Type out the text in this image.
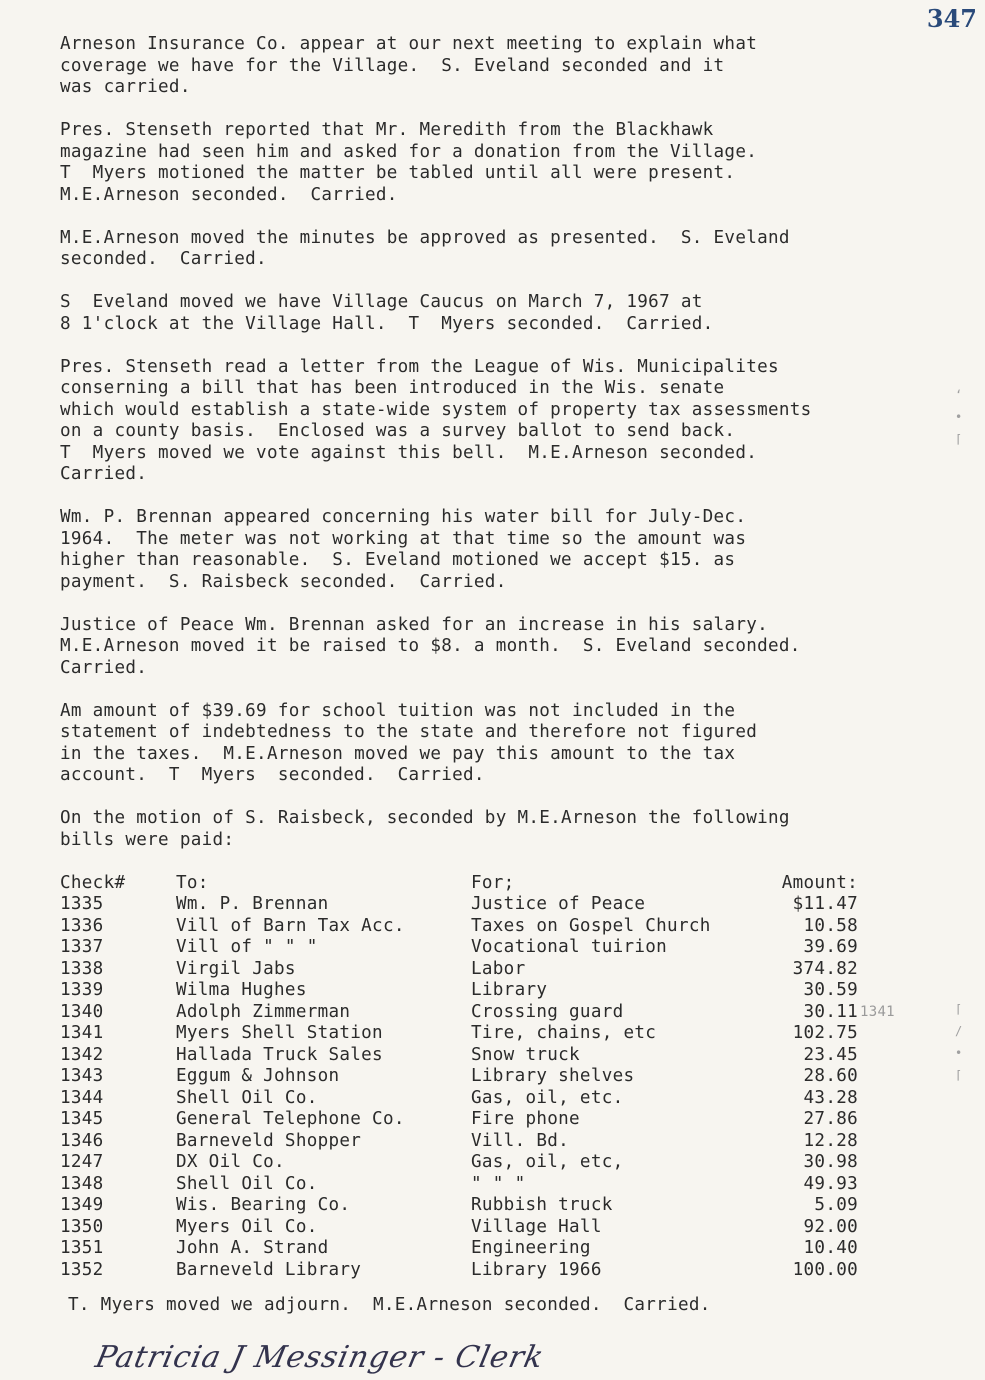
347

Arneson Insurance Co. appear at our next meeting to explain what

coverage we have for the Village.  S. Eveland seconded and it

was carried.

Pres. Stenseth reported that Mr. Meredith from the Blackhawk

magazine had seen him and asked for a donation from the Village.

T  Myers motioned the matter be tabled until all were present.

M.E.Arneson seconded.  Carried.

M.E.Arneson moved the minutes be approved as presented.  S. Eveland

seconded.  Carried.

S  Eveland moved we have Village Caucus on March 7, 1967 at

8 1'clock at the Village Hall.  T  Myers seconded.  Carried.

Pres. Stenseth read a letter from the League of Wis. Municipalites

conserning a bill that has been introduced in the Wis. senate

which would establish a state-wide system of property tax assessments

on a county basis.  Enclosed was a survey ballot to send back.

T  Myers moved we vote against this bell.  M.E.Arneson seconded.

Carried.

Wm. P. Brennan appeared concerning his water bill for July-Dec.

1964.  The meter was not working at that time so the amount was

higher than reasonable.  S. Eveland motioned we accept $15. as

payment.  S. Raisbeck seconded.  Carried.

Justice of Peace Wm. Brennan asked for an increase in his salary.

M.E.Arneson moved it be raised to $8. a month.  S. Eveland seconded.

Carried.

Am amount of $39.69 for school tuition was not included in the

statement of indebtedness to the state and therefore not figured

in the taxes.  M.E.Arneson moved we pay this amount to the tax

account.  T  Myers  seconded.  Carried.

On the motion of S. Raisbeck, seconded by M.E.Arneson the following

bills were paid:

Check#	To:	For;	Amount:	
1335	Wm. P. Brennan	Justice of Peace	$11.47	
1336	Vill of Barn Tax Acc.	Taxes on Gospel Church	10.58	
1337	Vill of " " "	Vocational tuirion	39.69	
1338	Virgil Jabs	Labor	374.82	
1339	Wilma Hughes	Library	30.59	
1340	Adolph Zimmerman	Crossing guard	30.11	1341
1341	Myers Shell Station	Tire, chains, etc	102.75	
1342	Hallada Truck Sales	Snow truck	23.45	
1343	Eggum & Johnson	Library shelves	28.60	
1344	Shell Oil Co.	Gas, oil, etc.	43.28	
1345	General Telephone Co.	Fire phone	27.86	
1346	Barneveld Shopper	Vill. Bd.	12.28	
1247	DX Oil Co.	Gas, oil, etc,	30.98	
1348	Shell Oil Co.	" " "	49.93	
1349	Wis. Bearing Co.	Rubbish truck	5.09	
1350	Myers Oil Co.	Village Hall	92.00	
1351	John A. Strand	Engineering	10.40	
1352	Barneveld Library	Library 1966	100.00	

T. Myers moved we adjourn.  M.E.Arneson seconded.  Carried.

Patricia J Messinger - Clerk
‘
•
⌈
⌈
/
•
⌈
